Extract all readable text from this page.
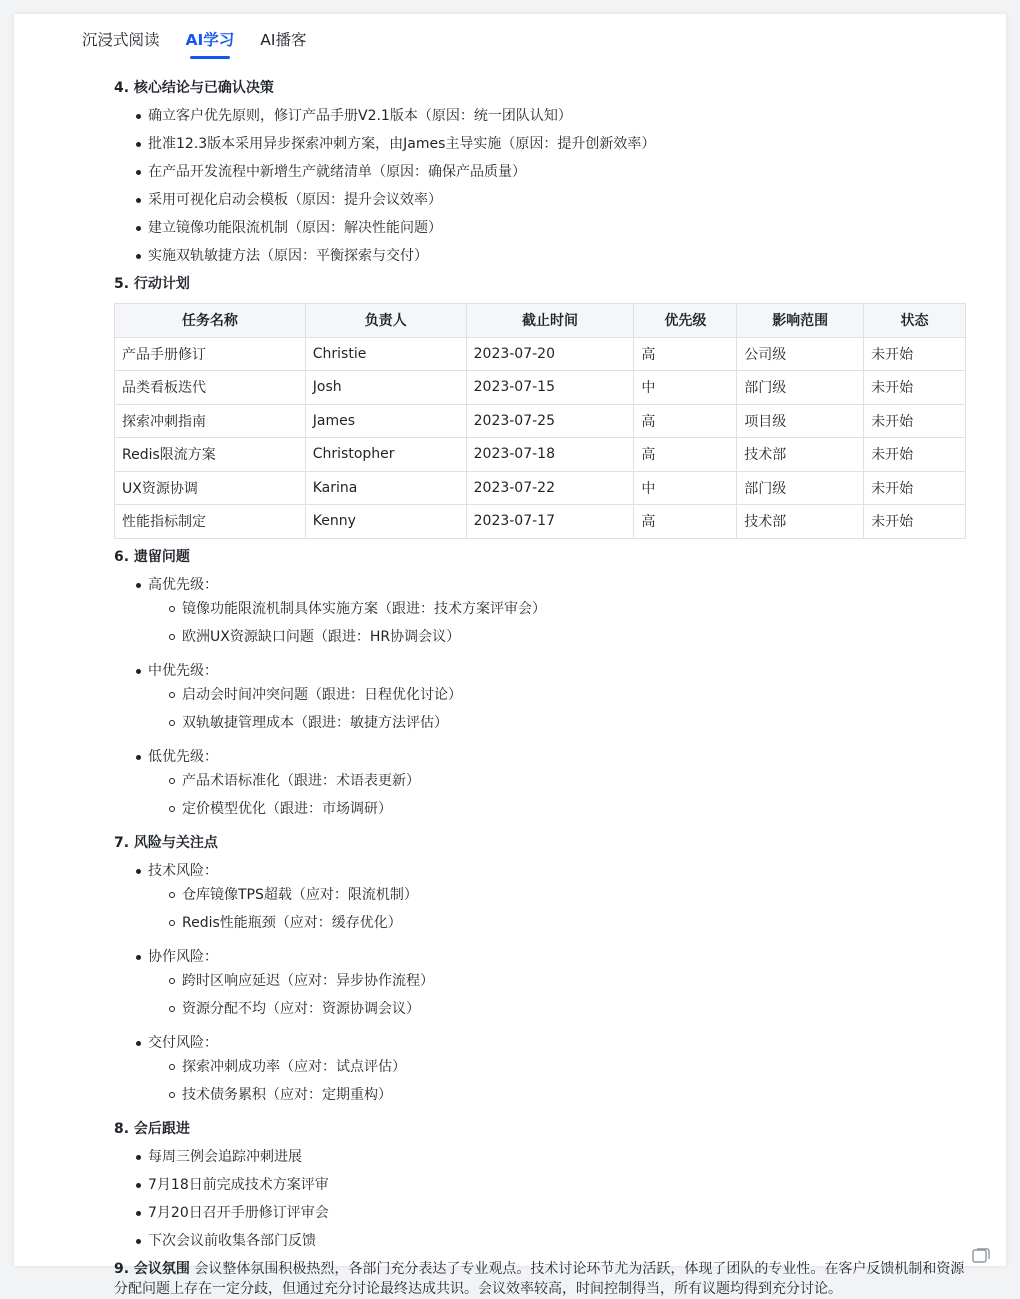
沉浸式阅读 AI学习 AI播客
4. 核心结论与已确认决策
确立客户优先原则，修订产品手册V2.1版本（原因：统一团队认知）
批准12.3版本采用异步探索冲刺方案，由James主导实施（原因：提升创新效率）
在产品开发流程中新增生产就绪清单（原因：确保产品质量）
采用可视化启动会模板（原因：提升会议效率）
建立镜像功能限流机制（原因：解决性能问题）
实施双轨敏捷方法（原因：平衡探索与交付）
5. 行动计划
任务名称	负责人	截止时间	优先级	影响范围	状态
产品手册修订	Christie	2023-07-20	高	公司级	未开始
品类看板迭代	Josh	2023-07-15	中	部门级	未开始
探索冲刺指南	James	2023-07-25	高	项目级	未开始
Redis限流方案	Christopher	2023-07-18	高	技术部	未开始
UX资源协调	Karina	2023-07-22	中	部门级	未开始
性能指标制定	Kenny	2023-07-17	高	技术部	未开始
6. 遗留问题
高优先级：
镜像功能限流机制具体实施方案（跟进：技术方案评审会）
欧洲UX资源缺口问题（跟进：HR协调会议）
中优先级：
启动会时间冲突问题（跟进：日程优化讨论）
双轨敏捷管理成本（跟进：敏捷方法评估）
低优先级：
产品术语标准化（跟进：术语表更新）
定价模型优化（跟进：市场调研）
7. 风险与关注点
技术风险：
仓库镜像TPS超载（应对：限流机制）
Redis性能瓶颈（应对：缓存优化）
协作风险：
跨时区响应延迟（应对：异步协作流程）
资源分配不均（应对：资源协调会议）
交付风险：
探索冲刺成功率（应对：试点评估）
技术债务累积（应对：定期重构）
8. 会后跟进
每周三例会追踪冲刺进展
7月18日前完成技术方案评审
7月20日召开手册修订评审会
下次会议前收集各部门反馈
9. 会议氛围 会议整体氛围积极热烈，各部门充分表达了专业观点。技术讨论环节尤为活跃，体现了团队的专业性。在客户反馈机制和资源分配问题上存在一定分歧，但通过充分讨论最终达成共识。会议效率较高，时间控制得当，所有议题均得到充分讨论。
